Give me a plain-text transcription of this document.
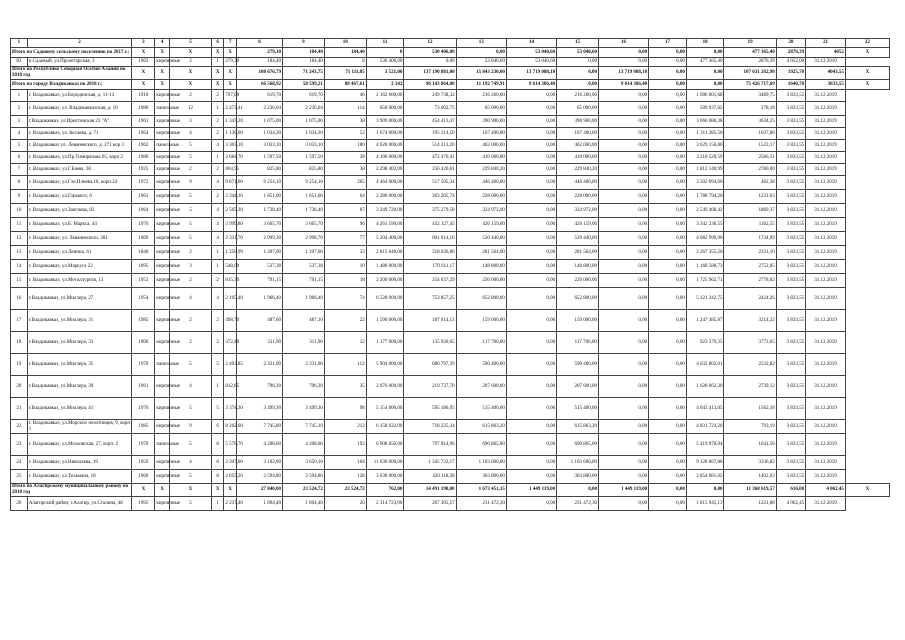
1	2	3	4	5	6	7	8	9	10	11	12	13	14	15	16	17	18	19	20	21	22
Итого по Садовому сельскому поселению по 2017 г.:		X	X	X	X	X	279,30	184,40	184,40	8	530 406,00	0,00	53 040,60	53 040,60	0,00	0,00	0,00	477 365,40	2876,39	4052	X
82	п.Садовый, ул.Пролетарская, 3	1963	кирпичные	2	1	279,30	184,40	184,40	8	530 406,00	0,00	53 040,60	53 040,60	0,00	0,00	0,00	477 365,40	2876,39	4 052,00	31.12.2019	
Итого по Республике Северная Осетия-Алания по 2018 год		X	X	X	X	X	108 676,79	71 243,75	71 111,85	3 521,00	137 190 881,00	15 843 230,00	13 719 088,10	0,00	13 719 088,10	0,00	0,00	107 631 262,90	1925,70	4043,55	X
Итого по городу Владикавказ по 2018 г.:		X	X	X	X	X	66 568,92	58 599,21	88 467,61	2 142	96 143 864,00	11 192 749,91	9 614 386,40	0,00	9 614 386,40	0,00	0,00	75 426 717,69	1640,70	3833,55	X
1	г. Владикавказ, ул.Бородинская, д. 11-13	1910	кирпичные	2	2	707,60	619,70	619,70	46	2 162 600,00	249 738,32	216 260,00	0,00	216 260,00	0,00	0,00	1 696 601,68	3489,75	3 833,55	31.12.2019	
2	г. Владикавказ, ул. Владикавказская, д. 10	1986	панельные	12	1	2 473,41	2 236,04	2 236,04	114	650 000,00	73 062,75	65 000,00	0,00	65 000,00	0,00	0,00	509 937,62	278,18	3 833,55	31.12.2019	
3	г.Владикавказ, ул.Иристонская 23 "А"	1961	кирпичные	3	2	1 347,20	1 075,00	1 075,00	38	3 909 000,00	454 413,47	390 900,00	0,00	390 900,00	0,00	0,00	3 066 686,38	3634,25	3 833,55	31.12.2019	
4	г. Владикавказ, ул. Кесаева, д. 71	1964	кирпичные	4	2	1 136,60	1 034,30	1 034,30	52	1 674 000,00	195 314,50	167 400,00	0,00	167 400,00	0,00	0,00	1 311 285,50	1637,86	3 833,55	31.12.2019	
5	г. Владикавказ ул. Леваневского, д. 271 кор 3	1962	панельные	5	4	3 303,10	3 033,10	3 033,10	180	4 620 000,00	514 213,20	462 000,00	0,00	462 000,00	0,00	0,00	3 629 156,80	1523,17	3 833,55	31.12.2019	
6	г. Владикавказ, ул.Пр.Тимирязова 65, корп 2	1986	кирпичные	5	1	2 684,70	1 597,50	1 597,50	38	4 100 000,00	472 470,41	410 000,00	0,00	410 000,00	0,00	0,00	3 210 529,59	2566,51	3 833,55	31.12.2019	
7	г. Владикавказ, ул.Г.Баева, 38	1925	кирпичные	2	2	864,95	825,80	825,80	38	2 298 402,00	256 420,81	229 840,20	0,00	229 840,20	0,00	0,00	1 812 140,99	2780,00	3 833,55	31.12.2019	
8	г. Владикавказ, ул.Гэо.Плиева,18, корп.24	1972	кирпичные	9	4	9 871,00	9 254,10	9 254,10	265	4 464 000,00	517 505,34	446 400,00	0,00	446 400,00	0,00	0,00	3 502 094,66	482,38	3 833,55	31.12.2019	
9	г. Владикавказ, ул.Горького, 6	1963	кирпичные	5	2	2 344,10	1 851,00	1 851,00	64	2 280 000,00	263 205,74	228 000,00	0,00	228 000,00	0,00	0,00	1 788 794,26	1231,63	3 833,55	31.12.2019	
10	г. Владикавказ, ул.Зангиева, 82	1964	кирпичные	5	4	2 565,30	1 738,40	1 738,40	87	3 249 720,00	375 279,58	324 972,00	0,00	324 972,00	0,00	0,00	2 549 468,42	1869,37	3 833,55	31.12.2019	
11	г. Владикавказ, ул.Б. Маркса, 44	1976	кирпичные	5	4	3 999,80	3 665,70	3 665,70	96	4 261 590,00	432 127,45	426 159,00	0,00	426 159,00	0,00	0,00	3 342 236,55	1162,55	3 833,55	31.12.2019	
12	г. Владикавказ, ул. Леваневского, 281	1969	кирпичные	5	4	3 331,70	2 999,30	2 998,70	77	5 204 400,00	601 014,10	520 440,00	0,00	520 440,00	0,00	0,00	4 082 999,90	1734,99	3 833,55	31.12.2019	
13	г. Владикавказ, ул.Ленина, 61	1846	кирпичные	2	1	1 258,99	1 207,00	1 207,00	33	2 815 640,00	318 626,86	281 564,00	0,00	281 564,00	0,00	0,00	2 267 355,20	2331,10	3 833,55	31.12.2019	
14	г. Владикавказ, ул.Маркуса 22	1895	кирпичные	3	1	548,00	537,38	537,38	10	1 488 000,00	170 611,17	148 800,00	0,00	148 800,00	0,00	0,00	1 168 588,73	2752,05	3 833,55	31.12.2019	
15	г. Владикавказ, ул.Металлургов, 13	1953	кирпичные	2	2	815,30	791,15	791,15	18	2 200 000,00	254 037,29	220 000,00	0,00	220 000,00	0,00	0,00	1 725 962,71	2778,02	3 833,55	31.12.2019	
16	г.Владикавказ, ул.Миллера, 27	1954	кирпичные	4	4	2 105,40	1 966,40	1 966,40	74	6 528 000,00	753 857,25	652 800,00	0,00	652 800,00	0,00	0,00	5 121 342,75	2424,26	3 833,55	31.12.2019	
17	г.Владикавказ, ул.Миллера, 31	1985	кирпичные	2	2	498,70	487,60	487,10	22	1 590 000,00	187 614,13	159 000,00	0,00	159 000,00	0,00	0,00	1 247 385,87	3214,22	3 833,55	31.12.2019	
18	г.Владикавказ, ул.Миллера, 33	1906	кирпичные	2	2	372,40	311,90	311,90	12	1 177 000,00	135 920,65	117 700,00	0,00	117 700,00	0,00	0,00	923 379,35	3773,65	3 833,55	31.12.2019	
19	г.Владикавказ, ул.Миллера, 35	1970	панельные	5	5	2 403,85	2 331,90	2 331,90	112	5 904 000,00	680 797,39	590 400,00	0,00	590 400,00	0,00	0,00	4 632 802,61	2532,82	3 833,55	31.12.2019	
20	г.Владикавказ, ул.Миллера, 39	1961	кирпичные	4	1	812,85	796,30	796,30	35	2 076 000,00	219 737,70	207 600,00	0,00	207 600,00	0,00	0,00	1 628 662,30	2739,12	3 833,55	31.12.2019	
21	г.Владикавказ, ул.Миллера, 41	1976	кирпичные	5	5	3 374,30	3 499,30	3 499,30	98	5 154 000,00	595 186,95	515 400,00	0,00	515 400,00	0,00	0,00	4 043 413,05	1562,18	3 833,55	31.12.2019	
22	г. Владикавказ, ул.Морских пехотинцев, 9, корп 1	1985	кирпичные	9	6	8 262,60	7 745,80	7 745,10	212	6 158 632,00	718 225,34	615 863,20	0,00	615 863,20	0,00	0,00	4 831 723,26	793,19	3 833,55	31.12.2019	
23	г. Владикавказ, ул.Московская, 27, корп. 2	1970	панельные	5	8	5 578,70	4 208,60	4 208,60	192	6 908 650,00	797 814,96	690 865,00	0,00	690 865,00	0,00	0,00	5 419 970,04	1641,56	3 833,55	31.12.2019	
24	г. Владикавказ, ул.Николаева, 19	1959	кирпичные	4	8	3 307,00	3 102,00	3 650,10	104	11 036 000,00	1 345 732,17	1 103 600,00	0,00	1 103 600,00	0,00	0,00	9 128 667,88	3336,82	3 833,55	31.12.2019	
25	г. Владикавказ, ул.Тельмана, 18	1960	кирпичные	5	8	2 655,20	2 594,80	2 594,80	128	3 638 000,00	420 118,38	363 800,00	0,00	363 800,00	0,00	0,00	2 854 081,62	1402,03	3 833,55	31.12.2019	
Итого по Алагирскому муниципальному району по 2018 год		X	X	X	X	X	27 840,00	23 524,72	23 524,72	762,00	14 491 190,00	1 673 451,15	1 449 119,00	0,00	1 449 119,00	0,00	0,00	11 368 619,57	616,00	4 062,45	X
26	Алагирский район, г.Алагир, ул.Сталина, 48	1995	кирпичные	5	1	2 237,40	1 894,40	1 894,40	26	2 314 723,00	267 305,57	231 472,30	0,00	231 472,30	0,00	0,00	1 815 945,13	1221,88	4 062,45	31.12.2019	
